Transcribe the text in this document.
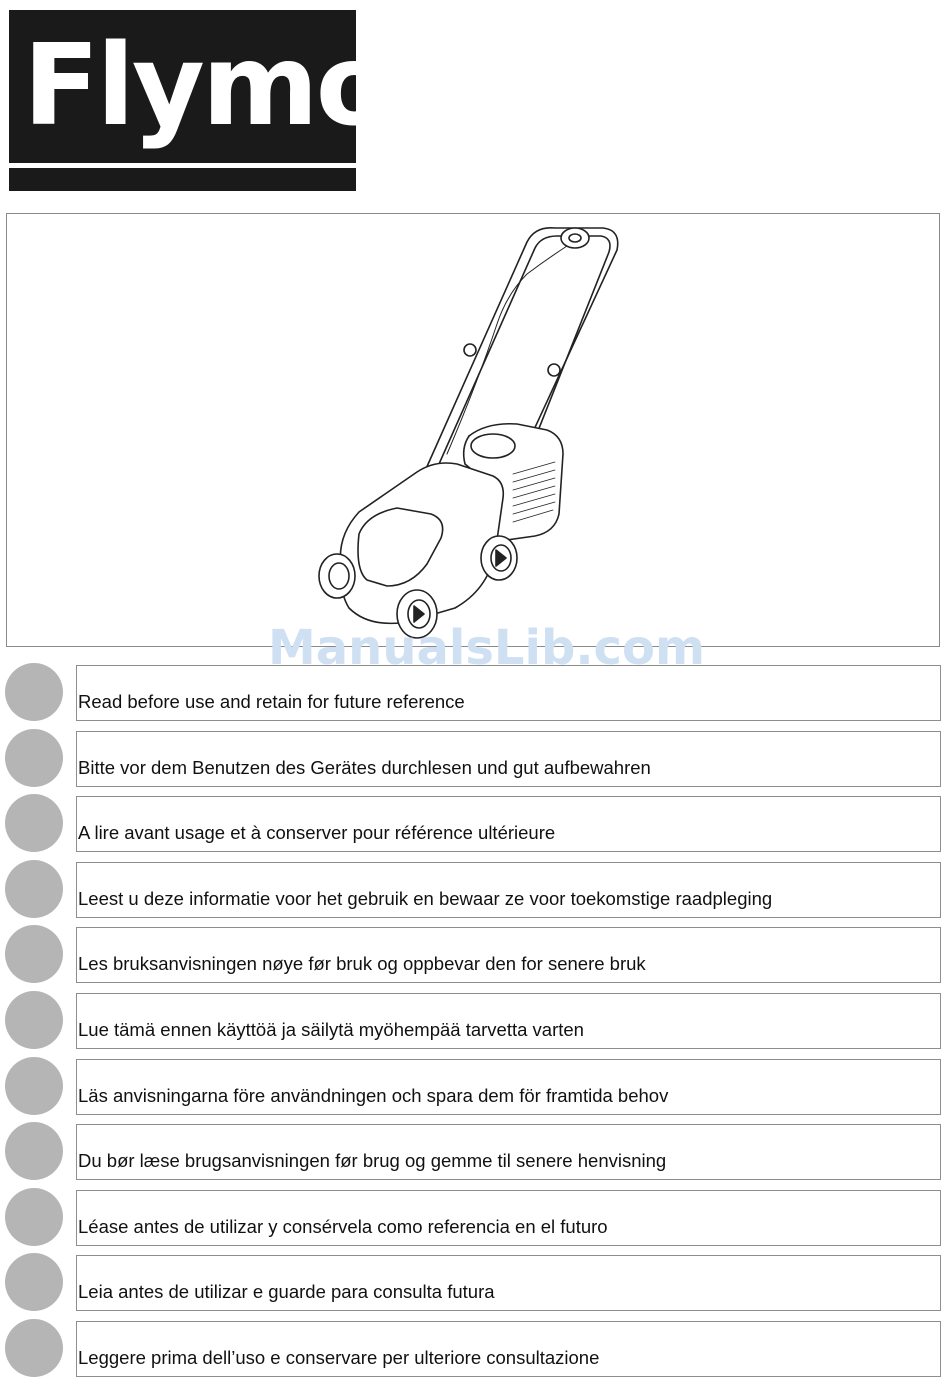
Flymo
ManualsLib.com
Read before use and retain for future reference
Bitte vor dem Benutzen des Gerätes durchlesen und gut aufbewahren
A lire avant usage et à conserver pour référence ultérieure
Leest u deze informatie voor het gebruik en bewaar ze voor toekomstige raadpleging
Les bruksanvisningen nøye før bruk og oppbevar den for senere bruk
Lue tämä ennen käyttöä ja säilytä myöhempää tarvetta varten
Läs anvisningarna före användningen och spara dem för framtida behov
Du bør læse brugsanvisningen før brug og gemme til senere henvisning
Léase antes de utilizar y consérvela como referencia en el futuro
Leia antes de utilizar e guarde para consulta futura
Leggere prima dell’uso e conservare per ulteriore consultazione
